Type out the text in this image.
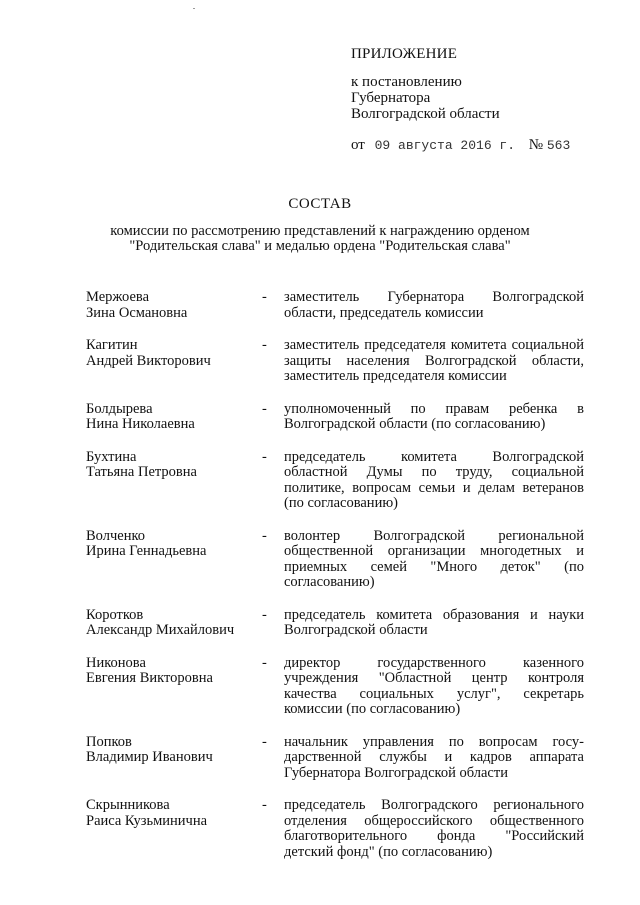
ПРИЛОЖЕНИЕ
к постановлению
Губернатора
Волгоградской области
от 09 августа 2016 г. № 563
СОСТАВ
комиссии по рассмотрению представлений к награждению орденом
"Родительская слава" и медалью ордена "Родительская слава"
Мержоева
Зина Османовна
-	заместитель Губернатора Волгоградской области, председатель комиссии
Кагитин
Андрей Викторович
-	заместитель председателя комитета социальной защиты населения Волгоградской области, заместитель председателя комиссии
Болдырева
Нина Николаевна
-	уполномоченный по правам ребенка в Волгоградской области (по согласованию)
Бухтина
Татьяна Петровна
-	председатель комитета Волгоградской областной Думы по труду, социальной политике, вопросам семьи и делам ветеранов (по согласованию)
Волченко
Ирина Геннадьевна
-	волонтер Волгоградской региональной общественной организации многодетных и приемных семей "Много деток" (по согласованию)
Коротков
Александр Михайлович
-	председатель комитета образования и науки Волгоградской области
Никонова
Евгения Викторовна
-	директор государственного казенного учреждения "Областной центр контроля качества социальных услуг", секретарь комиссии (по согласованию)
Попков
Владимир Иванович
-	начальник управления по вопросам государственной службы и кадров аппарата Губернатора Волгоградской области
Скрынникова
Раиса Кузьминична
-	председатель Волгоградского регионального отделения общероссийского общественного благотворительного фонда "Российский детский фонд" (по согласованию)
